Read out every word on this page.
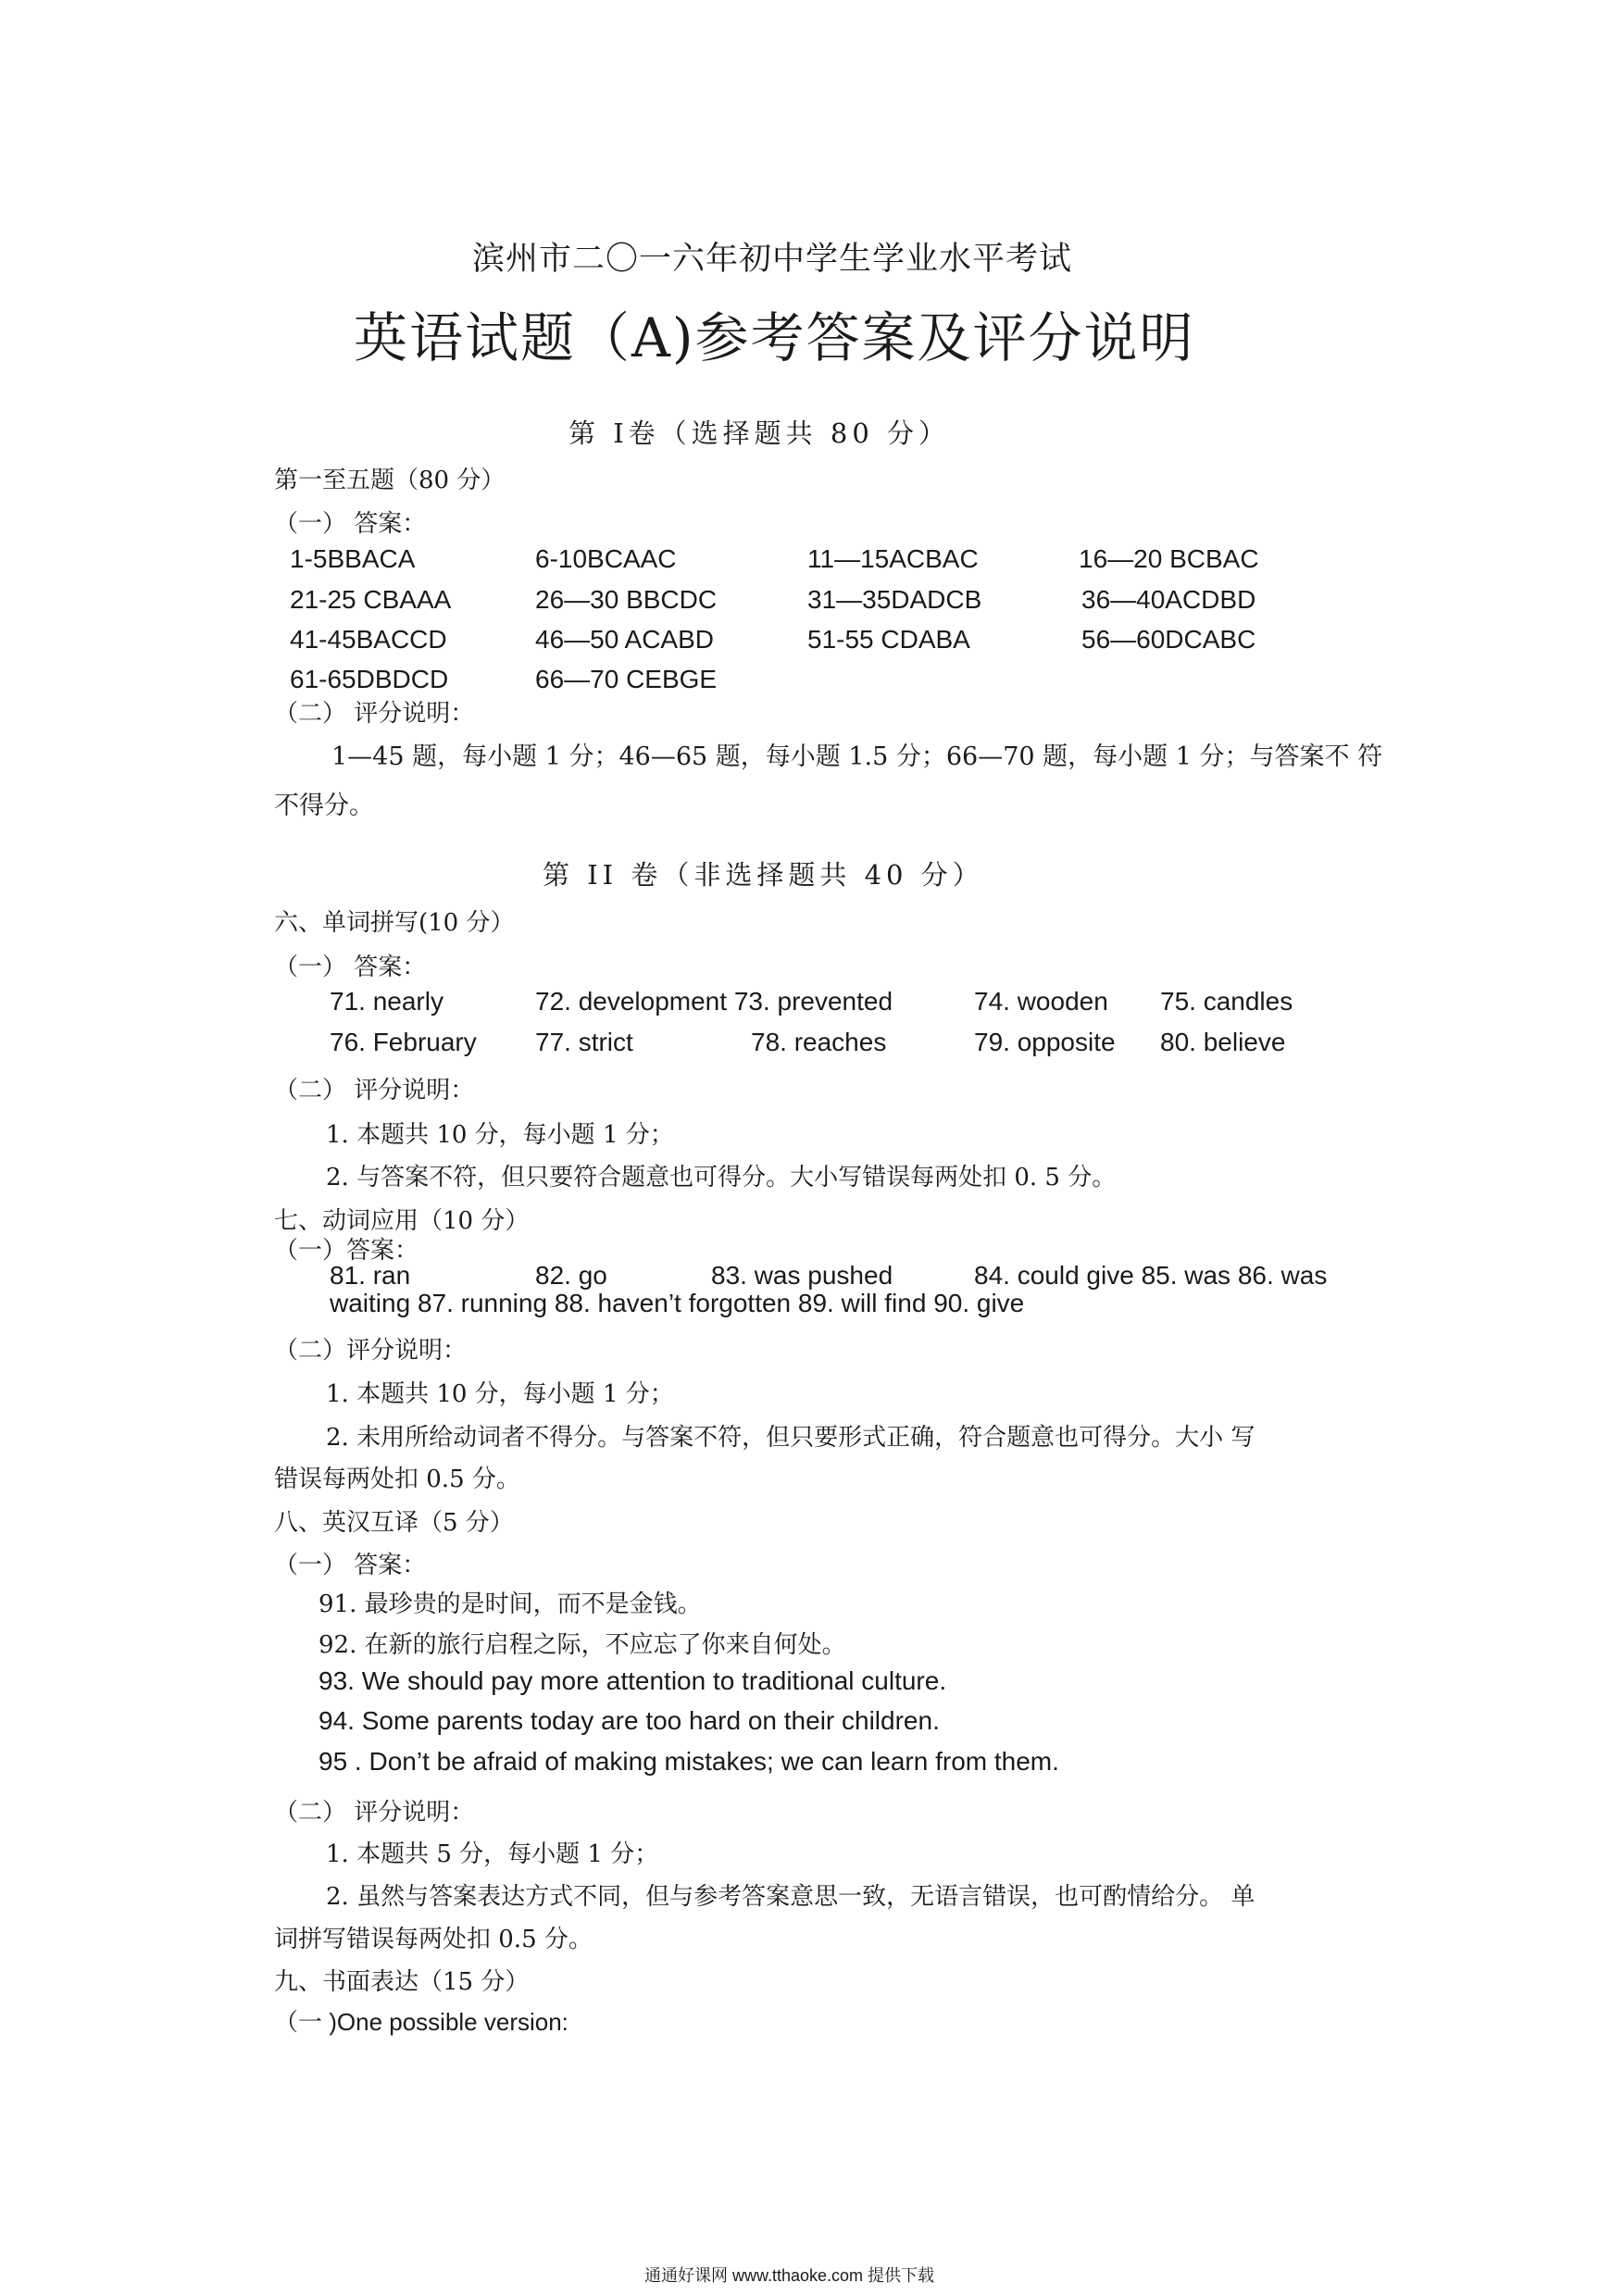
滨州市二〇一六年初中学生学业水平考试
英语试题（A)参考答案及评分说明
第 I卷（选择题共 80 分）
第一至五题（80 分）
（一） 答案：
1-5BBACA	6-10BCAAC	11—15ACBAC	16—20 BCBAC
21-25 CBAAA	26—30 BBCDC	31—35DADCB	36—40ACDBD
41-45BACCD	46—50 ACABD	51-55 CDABA	56—60DCABC
61-65DBDCD	66—70 CEBGE
（二） 评分说明：
1—45 题，每小题 1 分；46—65 题，每小题 1.5 分；66—70 题，每小题 1 分；与答案不 符
不得分。
第 II 卷（非选择题共 40 分）
六、单词拼写(10 分）
（一） 答案：
71. nearly	72. development 73. prevented	74. wooden 75. candles
76. February 77. strict	78. reaches	79. opposite 80. believe
（二） 评分说明：
1. 本题共 10 分，每小题 1 分；
2. 与答案不符，但只要符合题意也可得分。大小写错误每两处扣 0. 5 分。
七、动词应用（10 分）
（一）答案：
81. ran	82. go	83. was pushed	84. could give 85. was 86. was
waiting 87. running 88. haven’t forgotten 89. will find 90. give
（二）评分说明：
1. 本题共 10 分，每小题 1 分；
2. 未用所给动词者不得分。与答案不符，但只要形式正确，符合题意也可得分。大小 写
错误每两处扣 0.5 分。
八、英汉互译（5 分）
（一） 答案：
91. 最珍贵的是时间，而不是金钱。
92. 在新的旅行启程之际，不应忘了你来自何处。
93. We should pay more attention to traditional culture.
94. Some parents today are too hard on their children.
95 . Don’t be afraid of making mistakes; we can learn from them.
（二） 评分说明：
1. 本题共 5 分，每小题 1 分；
2. 虽然与答案表达方式不同，但与参考答案意思一致，无语言错误，也可酌情给分。 单
词拼写错误每两处扣 0.5 分。
九、书面表达（15 分）
（一 )One possible version:
通通好课网 www.tthaoke.com 提供下载
